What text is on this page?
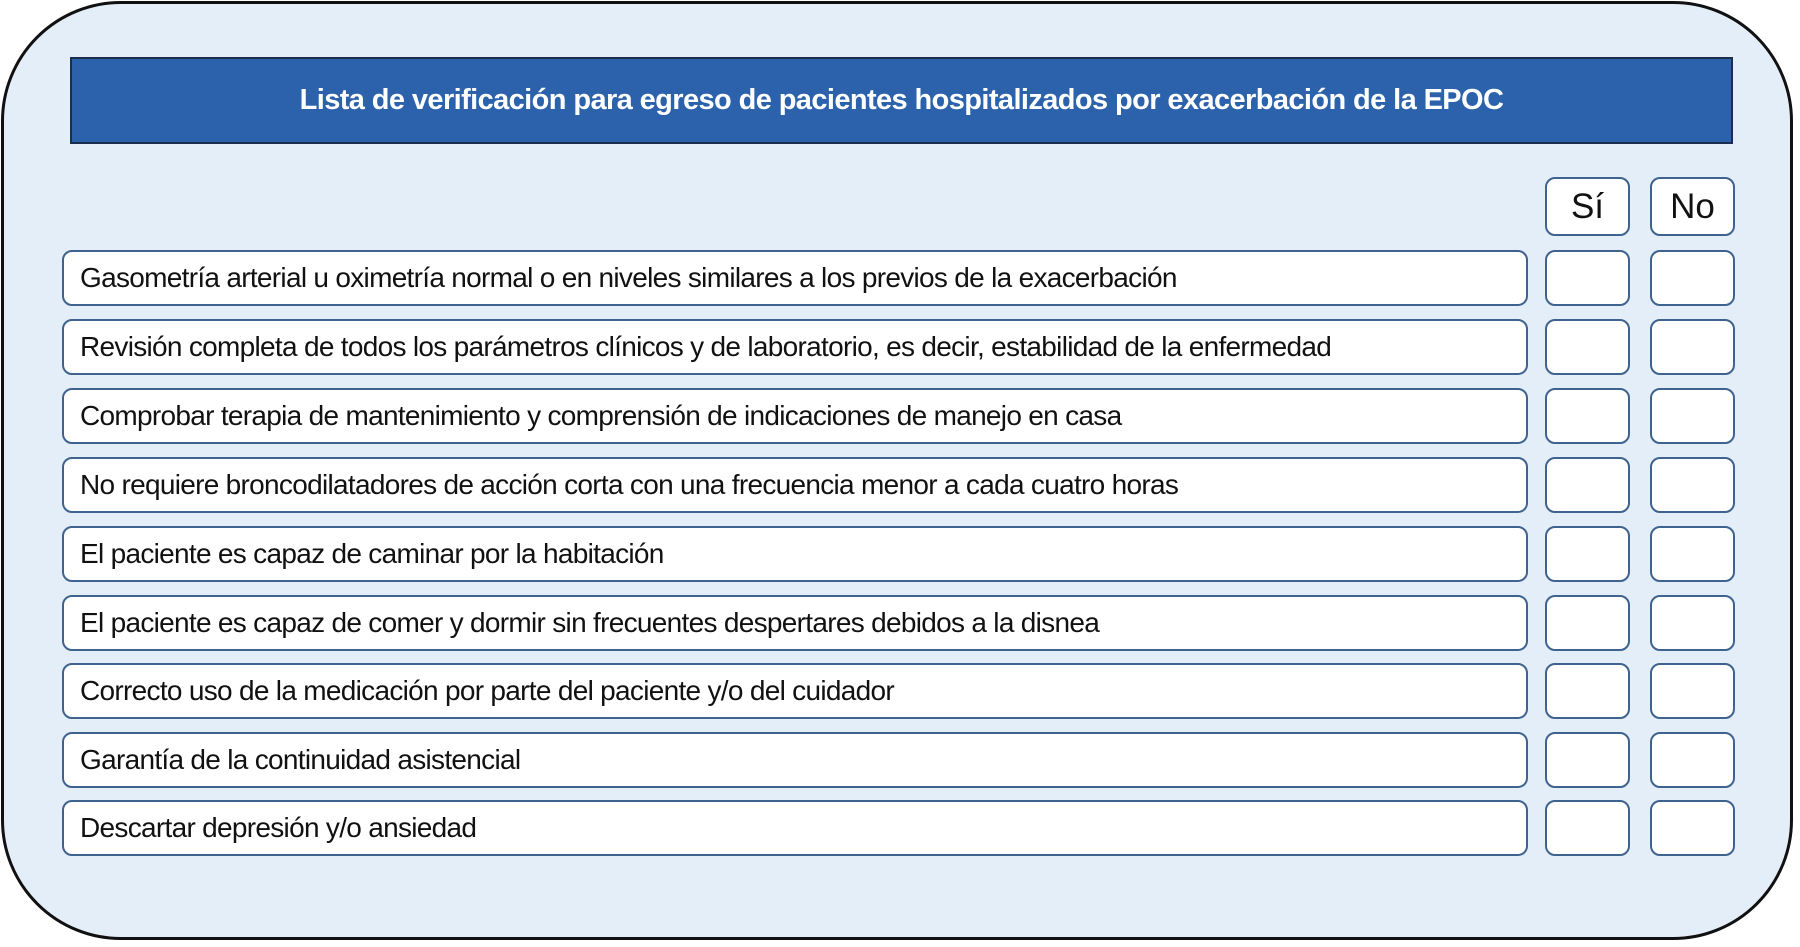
Lista de verificación para egreso de pacientes hospitalizados por exacerbación de la EPOC
Sí	No
Gasometría arterial u oximetría normal o en niveles similares a los previos de la exacerbación
Revisión completa de todos los parámetros clínicos y de laboratorio, es decir, estabilidad de la enfermedad
Comprobar terapia de mantenimiento y comprensión de indicaciones de manejo en casa
No requiere broncodilatadores de acción corta con una frecuencia menor a cada cuatro horas
El paciente es capaz de caminar por la habitación
El paciente es capaz de comer y dormir sin frecuentes despertares debidos a la disnea
Correcto uso de la medicación por parte del paciente y/o del cuidador
Garantía de la continuidad asistencial
Descartar depresión y/o ansiedad
